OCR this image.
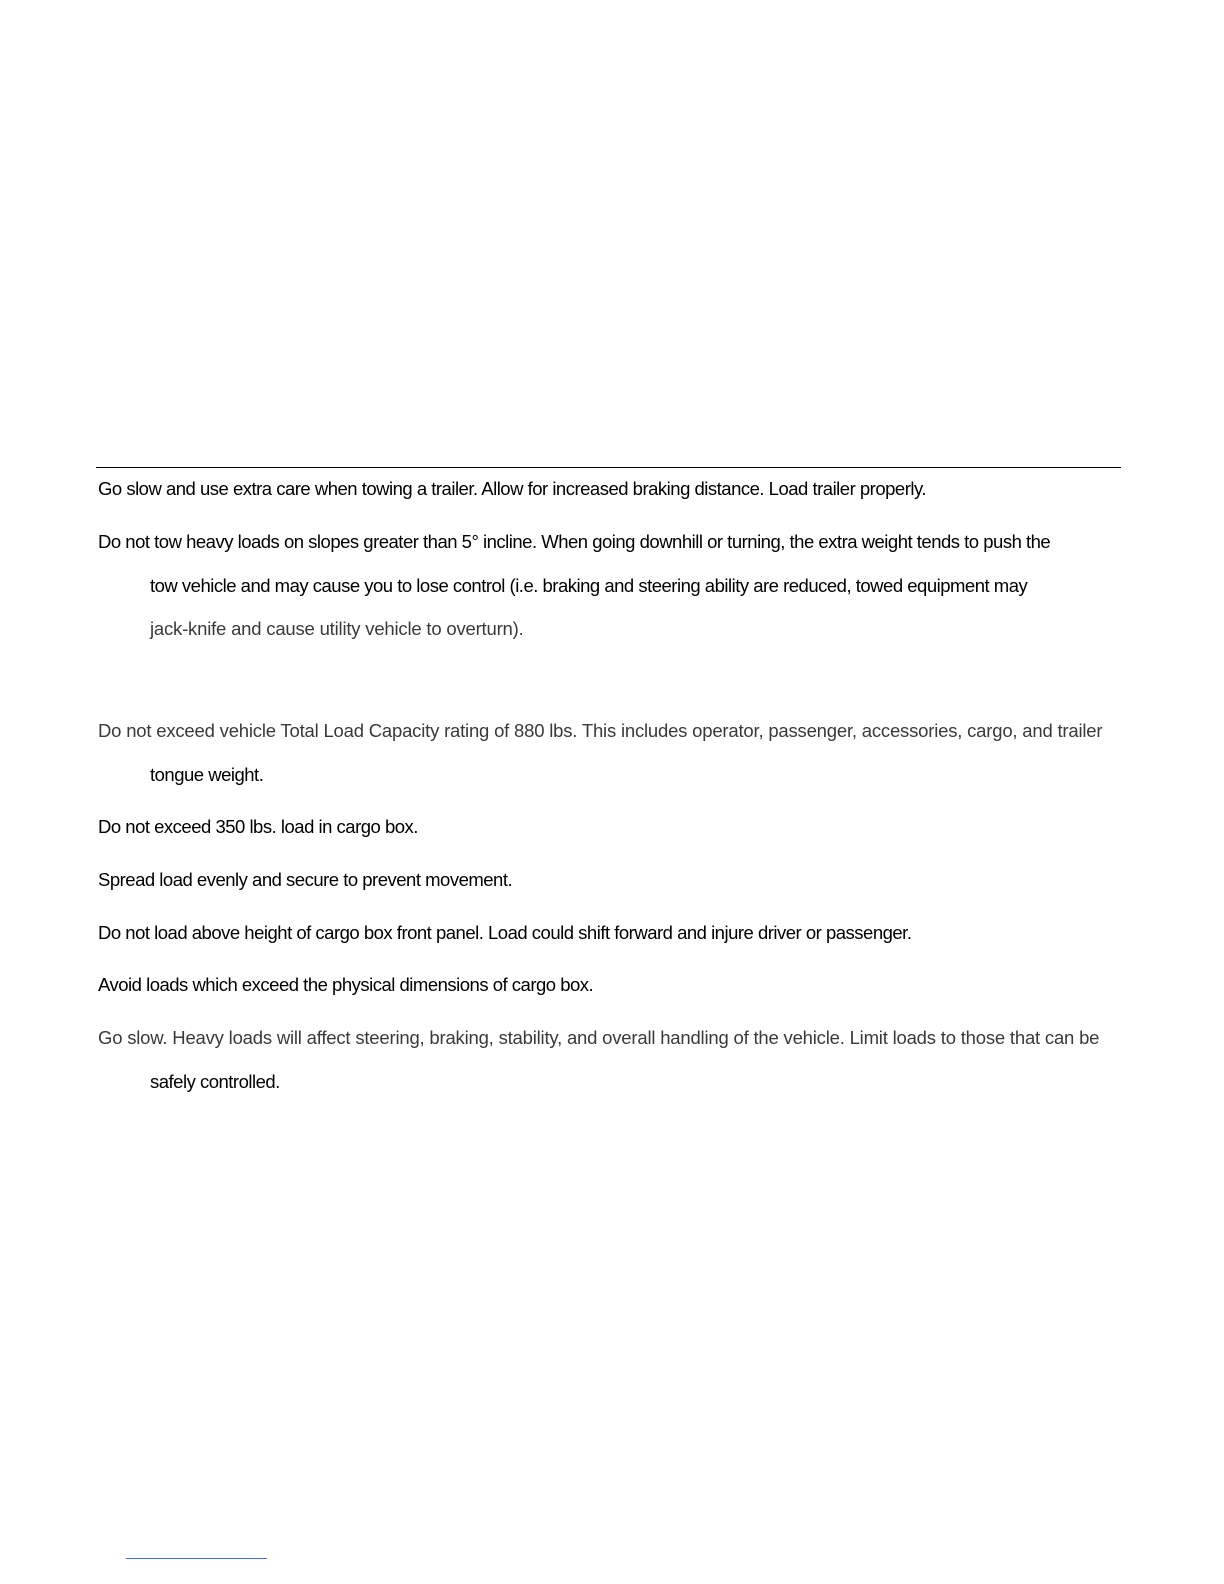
Go slow and use extra care when towing a trailer. Allow for increased braking distance. Load trailer properly.

Do not tow heavy loads on slopes greater than 5° incline. When going downhill or turning, the extra weight tends to push the
tow vehicle and may cause you to lose control (i.e. braking and steering ability are reduced, towed equipment may
jack-knife and cause utility vehicle to overturn).

Do not exceed vehicle Total Load Capacity rating of 880 lbs. This includes operator, passenger, accessories, cargo, and trailer
tongue weight.

Do not exceed 350 lbs. load in cargo box.

Spread load evenly and secure to prevent movement.

Do not load above height of cargo box front panel. Load could shift forward and injure driver or passenger.

Avoid loads which exceed the physical dimensions of cargo box.

Go slow. Heavy loads will affect steering, braking, stability, and overall handling of the vehicle. Limit loads to those that can be
safely controlled.
